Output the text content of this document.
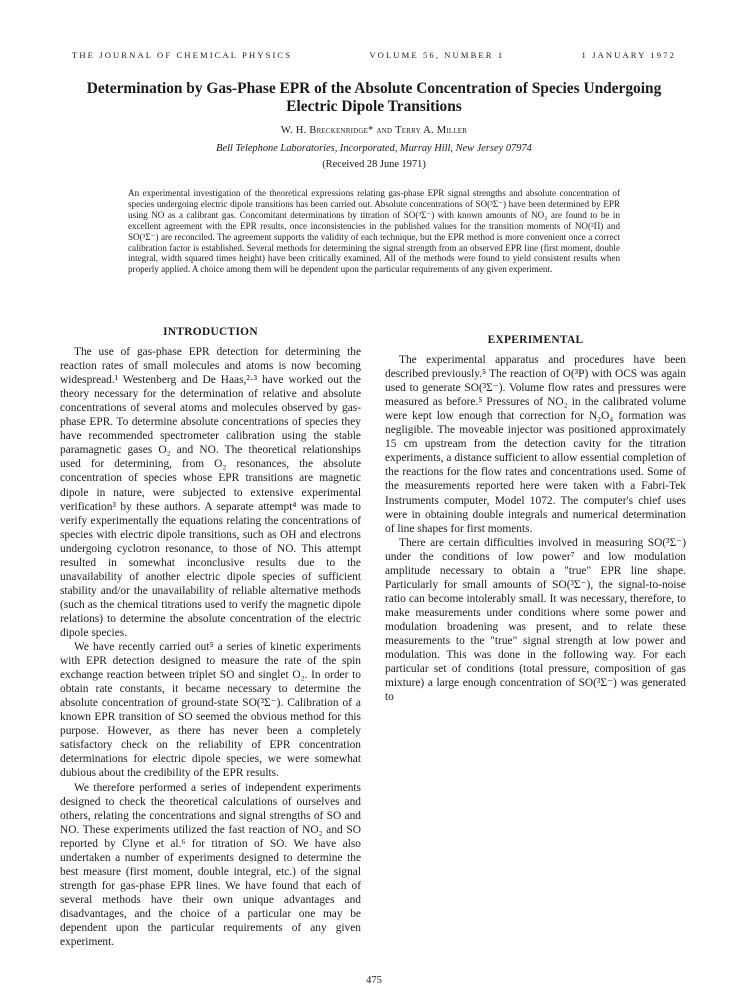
THE JOURNAL OF CHEMICAL PHYSICS	VOLUME 56, NUMBER 1	1 JANUARY 1972
Determination by Gas-Phase EPR of the Absolute Concentration of Species Undergoing
Electric Dipole Transitions
W. H. Breckenridge* and Terry A. Miller
Bell Telephone Laboratories, Incorporated, Murray Hill, New Jersey 07974
(Received 28 June 1971)

An experimental investigation of the theoretical expressions relating gas-phase EPR signal strengths and absolute concentration of species undergoing electric dipole transitions has been carried out. Absolute concentrations of SO(³Σ⁻) have been determined by EPR using NO as a calibrant gas. Concomitant determinations by titration of SO(³Σ⁻) with known amounts of NO₂ are found to be in excellent agreement with the EPR results, once inconsistencies in the published values for the transition moments of NO(²Π) and SO(³Σ⁻) are reconciled. The agreement supports the validity of each technique, but the EPR method is more convenient once a correct calibration factor is established. Several methods for determining the signal strength from an observed EPR line (first moment, double integral, width squared times height) have been critically examined. All of the methods were found to yield consistent results when properly applied. A choice among them will be dependent upon the particular requirements of any given experiment.

INTRODUCTION

The use of gas-phase EPR detection for determining the reaction rates of small molecules and atoms is now becoming widespread.¹ Westenberg and De Haas,²·³ have worked out the theory necessary for the determination of relative and absolute concentrations of several atoms and molecules observed by gas-phase EPR. To determine absolute concentrations of species they have recommended spectrometer calibration using the stable paramagnetic gases O₂ and NO. The theoretical relationships used for determining, from O₂ resonances, the absolute concentration of species whose EPR transitions are magnetic dipole in nature, were subjected to extensive experimental verification³ by these authors. A separate attempt⁴ was made to verify experimentally the equations relating the concentrations of species with electric dipole transitions, such as OH and electrons undergoing cyclotron resonance, to those of NO. This attempt resulted in somewhat inconclusive results due to the unavailability of another electric dipole species of sufficient stability and/or the unavailability of reliable alternative methods (such as the chemical titrations used to verify the magnetic dipole relations) to determine the absolute concentration of the electric dipole species.

We have recently carried out⁵ a series of kinetic experiments with EPR detection designed to measure the rate of the spin exchange reaction between triplet SO and singlet O₂. In order to obtain rate constants, it became necessary to determine the absolute concentration of ground-state SO(³Σ⁻). Calibration of a known EPR transition of SO seemed the obvious method for this purpose. However, as there has never been a completely satisfactory check on the reliability of EPR concentration determinations for electric dipole species, we were somewhat dubious about the credibility of the EPR results.

We therefore performed a series of independent experiments designed to check the theoretical calculations of ourselves and others, relating the concentrations and signal strengths of SO and NO. These experiments utilized the fast reaction of NO₂ and SO reported by Clyne et al.⁶ for titration of SO. We have also undertaken a number of experiments designed to determine the best measure (first moment, double integral, etc.) of the signal strength for gas-phase EPR lines. We have found that each of several methods have their own unique advantages and disadvantages, and the choice of a particular one may be dependent upon the particular requirements of any given experiment.

EXPERIMENTAL

The experimental apparatus and procedures have been described previously.⁵ The reaction of O(³P) with OCS was again used to generate SO(³Σ⁻). Volume flow rates and pressures were measured as before.⁵ Pressures of NO₂ in the calibrated volume were kept low enough that correction for N₂O₄ formation was negligible. The moveable injector was positioned approximately 15 cm upstream from the detection cavity for the titration experiments, a distance sufficient to allow essential completion of the reactions for the flow rates and concentrations used. Some of the measurements reported here were taken with a Fabri-Tek Instruments computer, Model 1072. The computer's chief uses were in obtaining double integrals and numerical determination of line shapes for first moments.

There are certain difficulties involved in measuring SO(³Σ⁻) under the conditions of low power⁷ and low modulation amplitude necessary to obtain a "true" EPR line shape. Particularly for small amounts of SO(³Σ⁻), the signal-to-noise ratio can become intolerably small. It was necessary, therefore, to make measurements under conditions where some power and modulation broadening was present, and to relate these measurements to the "true" signal strength at low power and modulation. This was done in the following way. For each particular set of conditions (total pressure, composition of gas mixture) a large enough concentration of SO(³Σ⁻) was generated to

475
